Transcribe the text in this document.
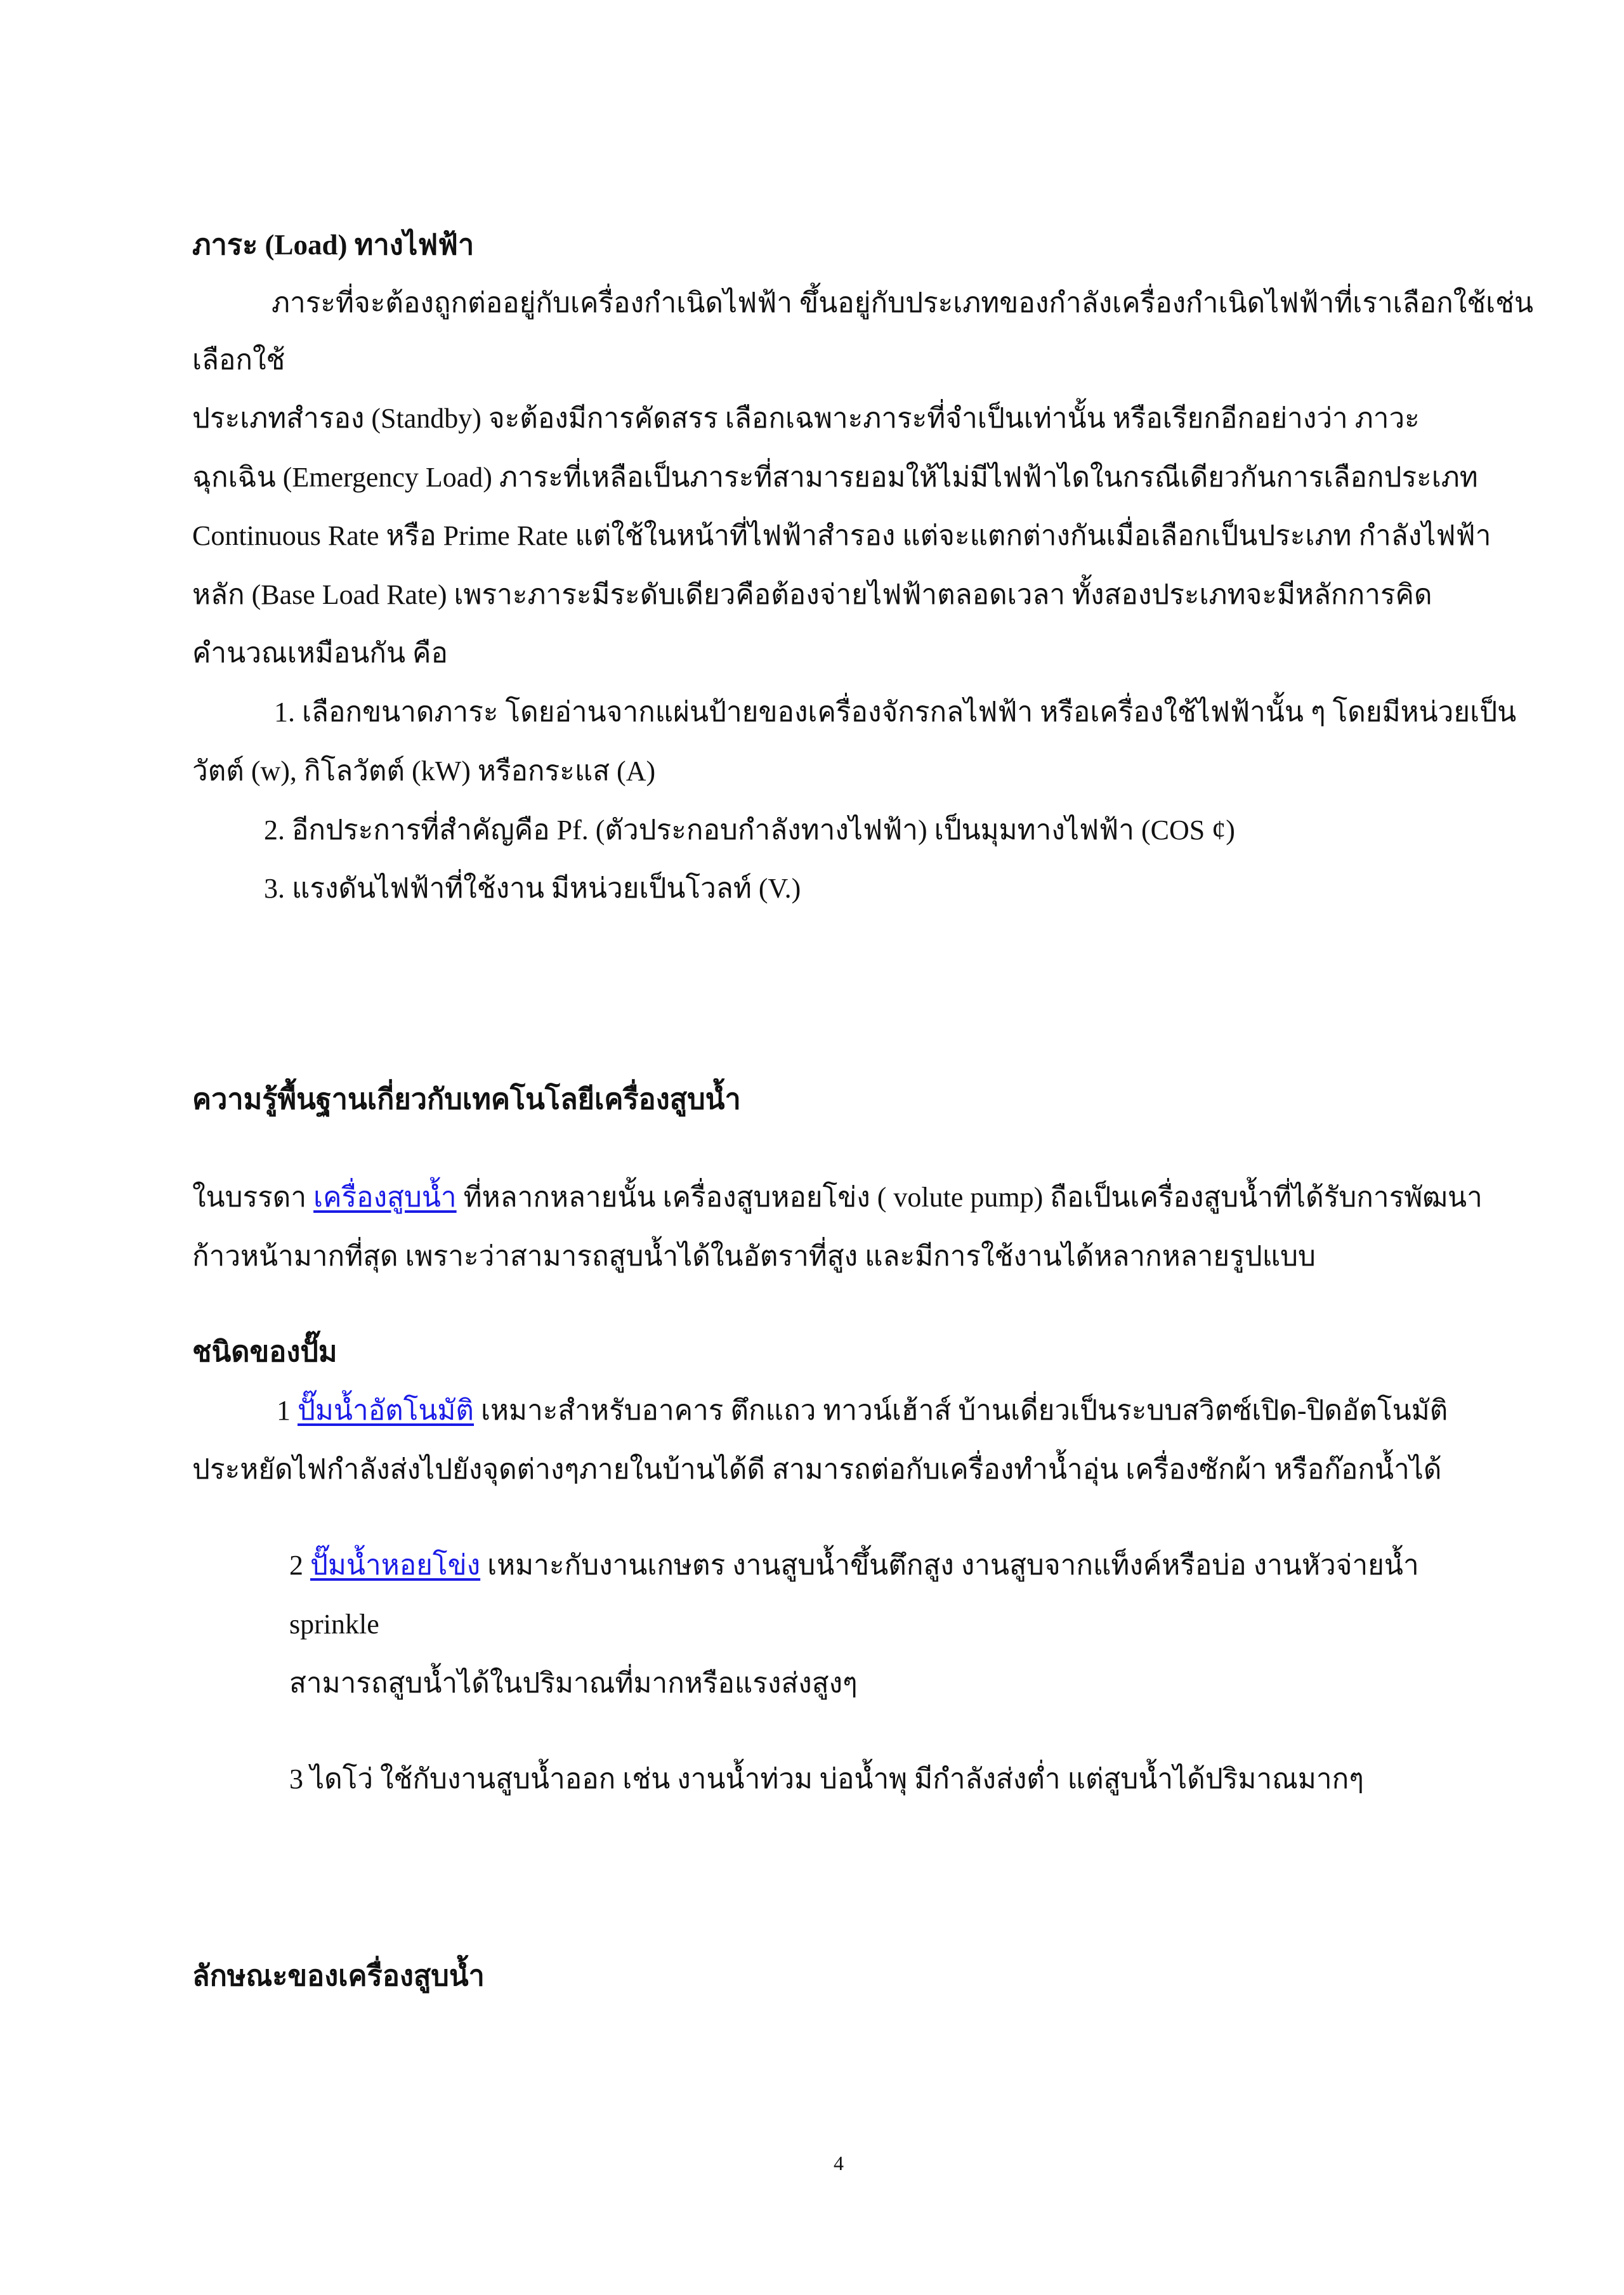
ภาระ (Load) ทางไฟฟ้า
ภาระที่จะต้องถูกต่ออยู่กับเครื่องกำเนิดไฟฟ้า ขึ้นอยู่กับประเภทของกำลังเครื่องกำเนิดไฟฟ้าที่เราเลือกใช้เช่น
เลือกใช้
ประเภทสำรอง (Standby) จะต้องมีการคัดสรร เลือกเฉพาะภาระที่จำเป็นเท่านั้น หรือเรียกอีกอย่างว่า ภาวะ
ฉุกเฉิน (Emergency Load) ภาระที่เหลือเป็นภาระที่สามารยอมให้ไม่มีไฟฟ้าไดในกรณีเดียวกันการเลือกประเภท
Continuous Rate หรือ Prime Rate แต่ใช้ในหน้าที่ไฟฟ้าสำรอง แต่จะแตกต่างกันเมื่อเลือกเป็นประเภท กำลังไฟฟ้า
หลัก (Base Load Rate) เพราะภาระมีระดับเดียวคือต้องจ่ายไฟฟ้าตลอดเวลา ทั้งสองประเภทจะมีหลักการคิด
คำนวณเหมือนกัน คือ
1. เลือกขนาดภาระ โดยอ่านจากแผ่นป้ายของเครื่องจักรกลไฟฟ้า หรือเครื่องใช้ไฟฟ้านั้น ๆ โดยมีหน่วยเป็น
วัตต์ (w), กิโลวัตต์ (kW) หรือกระแส (A)
2. อีกประการที่สำคัญคือ Pf. (ตัวประกอบกำลังทางไฟฟ้า) เป็นมุมทางไฟฟ้า (COS ¢)
3. แรงดันไฟฟ้าที่ใช้งาน มีหน่วยเป็นโวลท์ (V.)
ความรู้พื้นฐานเกี่ยวกับเทคโนโลยีเครื่องสูบน้ำ
ในบรรดา เครื่องสูบน้ำ ที่หลากหลายนั้น เครื่องสูบหอยโข่ง ( volute pump) ถือเป็นเครื่องสูบน้ำที่ได้รับการพัฒนา
ก้าวหน้ามากที่สุด เพราะว่าสามารถสูบน้ำได้ในอัตราที่สูง และมีการใช้งานได้หลากหลายรูปแบบ
ชนิดของปั๊ม
1 ปั๊มน้ำอัตโนมัติ เหมาะสำหรับอาคาร ตึกแถว ทาวน์เฮ้าส์ บ้านเดี่ยวเป็นระบบสวิตซ์เปิด-ปิดอัตโนมัติ
ประหยัดไฟกำลังส่งไปยังจุดต่างๆภายในบ้านได้ดี สามารถต่อกับเครื่องทำน้ำอุ่น เครื่องซักผ้า หรือก๊อกน้ำได้
2 ปั๊มน้ำหอยโข่ง เหมาะกับงานเกษตร งานสูบน้ำขึ้นตึกสูง งานสูบจากแท็งค์หรือบ่อ งานหัวจ่ายน้ำ
sprinkle
สามารถสูบน้ำได้ในปริมาณที่มากหรือแรงส่งสูงๆ
3 ไดโว่ ใช้กับงานสูบน้ำออก เช่น งานน้ำท่วม บ่อน้ำพุ มีกำลังส่งต่ำ แต่สูบน้ำได้ปริมาณมากๆ
ลักษณะของเครื่องสูบน้ำ
4
